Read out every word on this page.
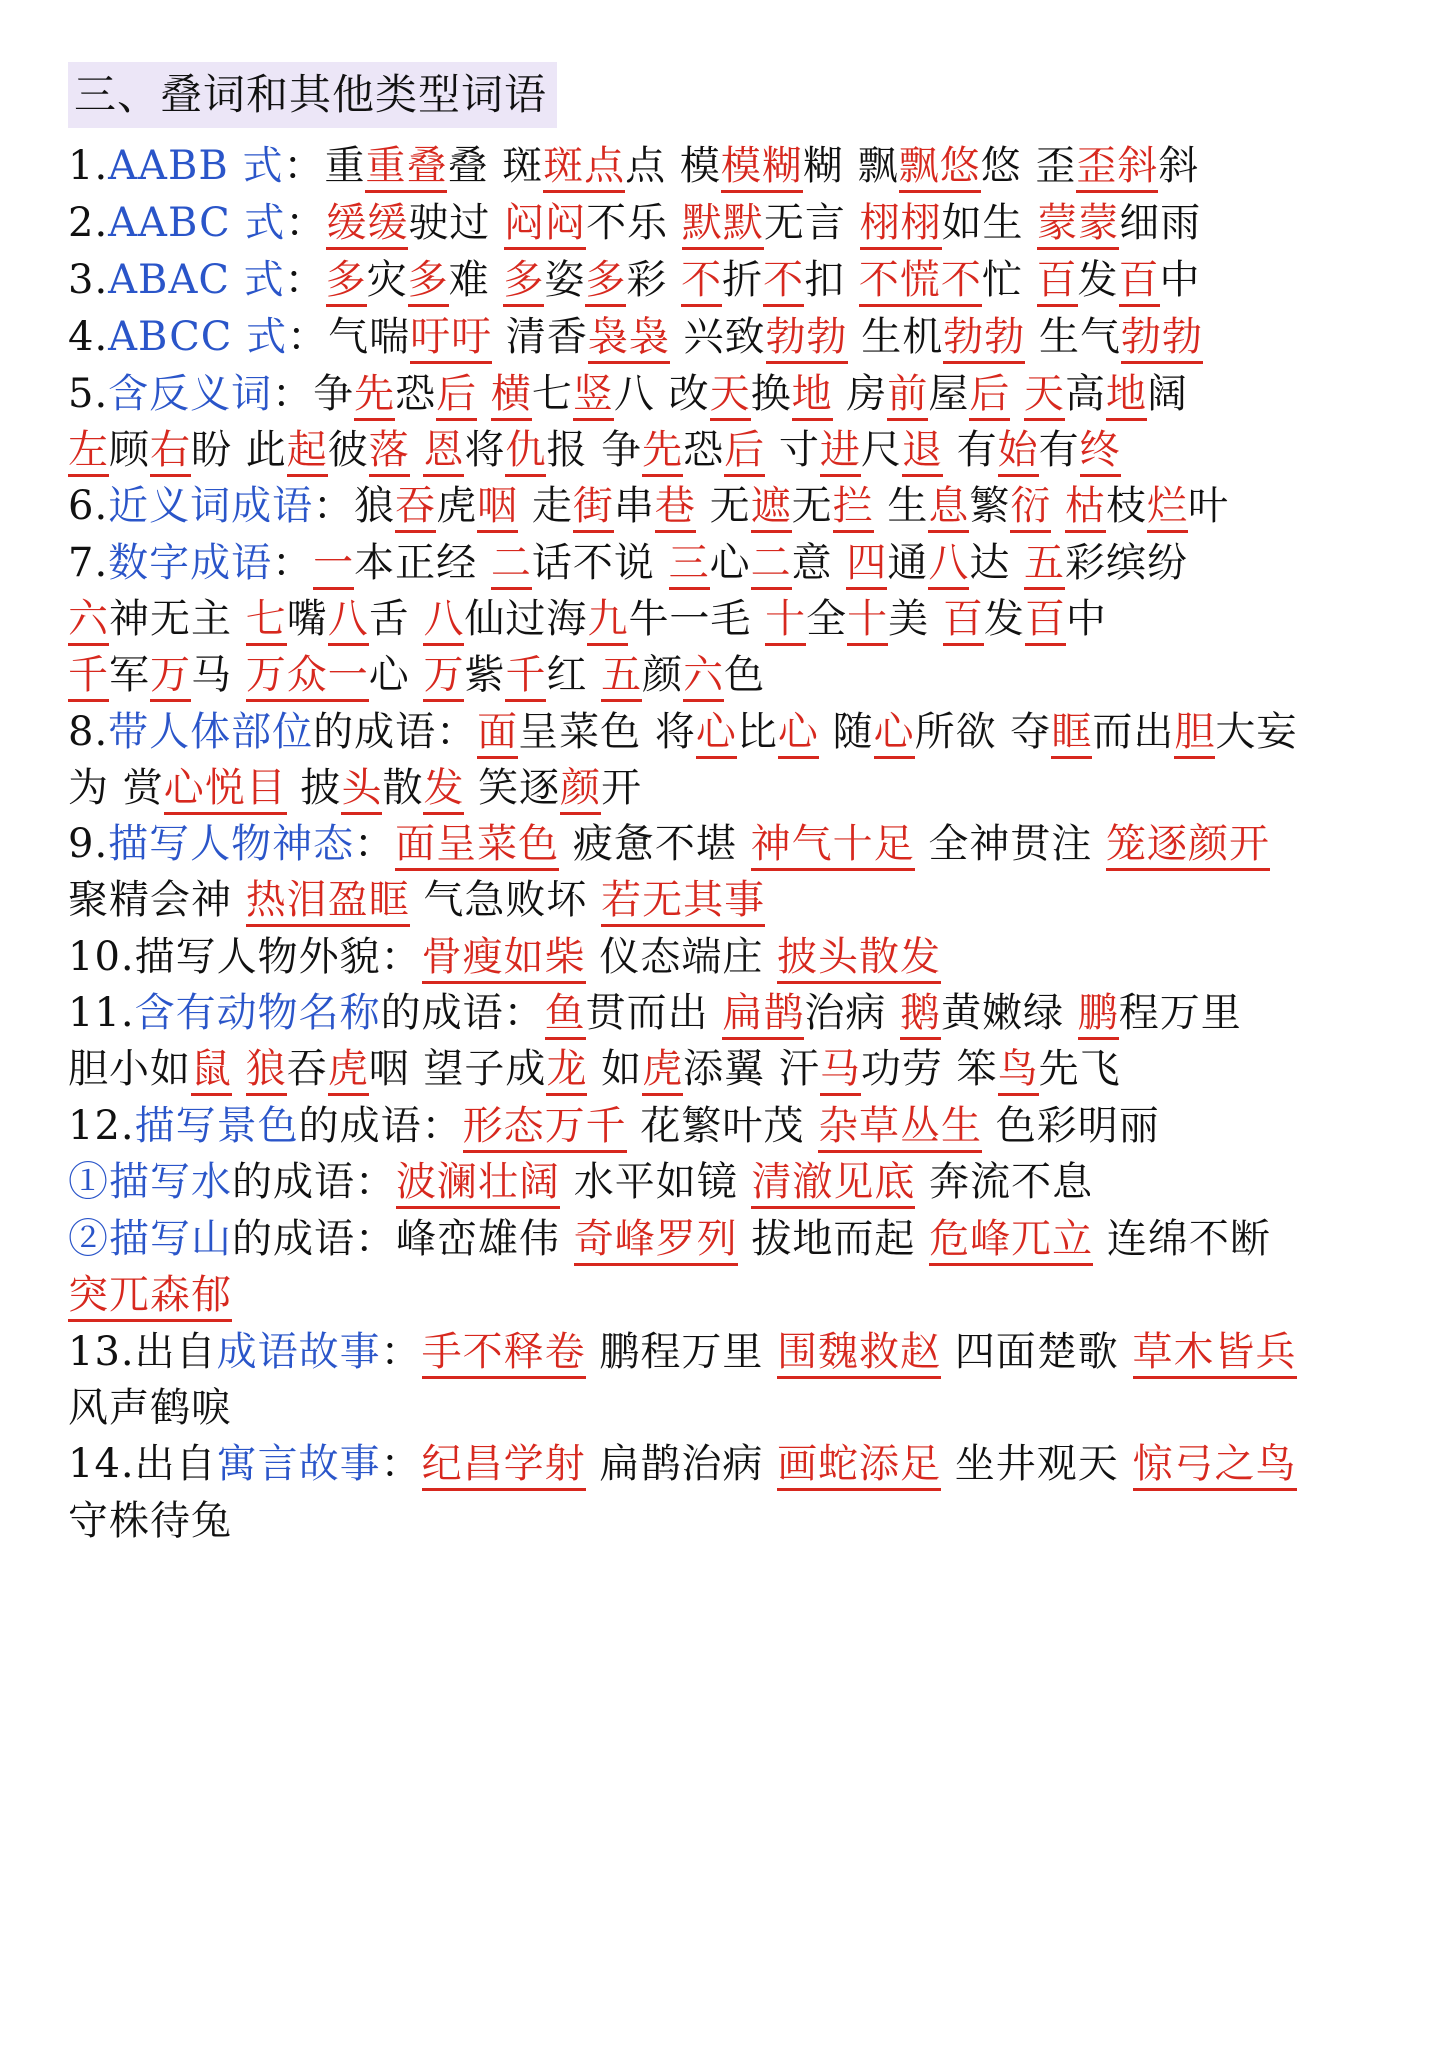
三、叠词和其他类型词语
1.AABB 式：重重叠叠 斑斑点点 模模糊糊 飘飘悠悠 歪歪斜斜
2.AABC 式：缓缓驶过 闷闷不乐 默默无言 栩栩如生 蒙蒙细雨
3.ABAC 式：多灾多难 多姿多彩 不折不扣 不慌不忙 百发百中
4.ABCC 式：气喘吁吁 清香袅袅 兴致勃勃 生机勃勃 生气勃勃
5.含反义词：争先恐后 横七竖八 改天换地 房前屋后 天高地阔
左顾右盼 此起彼落 恩将仇报 争先恐后 寸进尺退 有始有终
6.近义词成语：狼吞虎咽 走街串巷 无遮无拦 生息繁衍 枯枝烂叶
7.数字成语：一本正经 二话不说 三心二意 四通八达 五彩缤纷
六神无主 七嘴八舌 八仙过海九牛一毛 十全十美 百发百中
千军万马 万众一心 万紫千红 五颜六色
8.带人体部位的成语：面呈菜色 将心比心 随心所欲 夺眶而出胆大妄
为 赏心悦目 披头散发 笑逐颜开
9.描写人物神态：面呈菜色 疲惫不堪 神气十足 全神贯注 笼逐颜开
聚精会神 热泪盈眶 气急败坏 若无其事
10.描写人物外貌：骨瘦如柴 仪态端庄 披头散发
11.含有动物名称的成语：鱼贯而出 扁鹊治病 鹅黄嫩绿 鹏程万里
胆小如鼠 狼吞虎咽 望子成龙 如虎添翼 汗马功劳 笨鸟先飞
12.描写景色的成语：形态万千 花繁叶茂 杂草丛生 色彩明丽
①描写水的成语：波澜壮阔 水平如镜 清澈见底 奔流不息
②描写山的成语：峰峦雄伟 奇峰罗列 拔地而起 危峰兀立 连绵不断
突兀森郁
13.出自成语故事：手不释卷 鹏程万里 围魏救赵 四面楚歌 草木皆兵
风声鹤唳
14.出自寓言故事：纪昌学射 扁鹊治病 画蛇添足 坐井观天 惊弓之鸟
守株待兔
